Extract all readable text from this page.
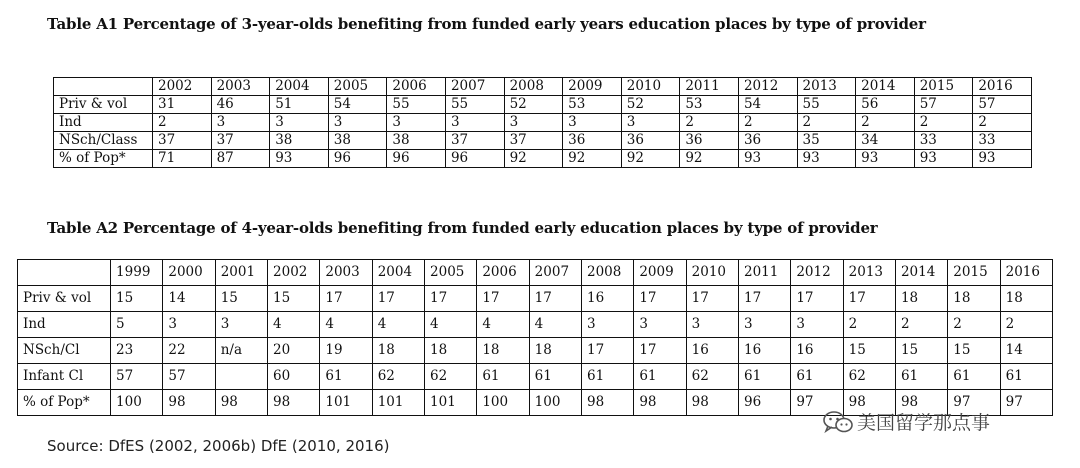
Table A1 Percentage of 3-year-olds benefiting from funded early years education places by type of provider
	2002	2003	2004	2005	2006	2007	2008	2009	2010	2011	2012	2013	2014	2015	2016
Priv & vol	31	46	51	54	55	55	52	53	52	53	54	55	56	57	57
Ind	2	3	3	3	3	3	3	3	3	2	2	2	2	2	2
NSch/Class	37	37	38	38	38	37	37	36	36	36	36	35	34	33	33
% of Pop*	71	87	93	96	96	96	92	92	92	92	93	93	93	93	93
Table A2 Percentage of 4-year-olds benefiting from funded early education places by type of provider
	1999	2000	2001	2002	2003	2004	2005	2006	2007	2008	2009	2010	2011	2012	2013	2014	2015	2016
Priv & vol	15	14	15	15	17	17	17	17	17	16	17	17	17	17	17	18	18	18
Ind	5	3	3	4	4	4	4	4	4	3	3	3	3	3	2	2	2	2
NSch/Cl	23	22	n/a	20	19	18	18	18	18	17	17	16	16	16	15	15	15	14
Infant Cl	57	57		60	61	62	62	61	61	61	61	62	61	61	62	61	61	61
% of Pop*	100	98	98	98	101	101	101	100	100	98	98	98	96	97	98	98	97	97
Source: DfES (2002, 2006b) DfE (2010, 2016)
美国留学那点事
